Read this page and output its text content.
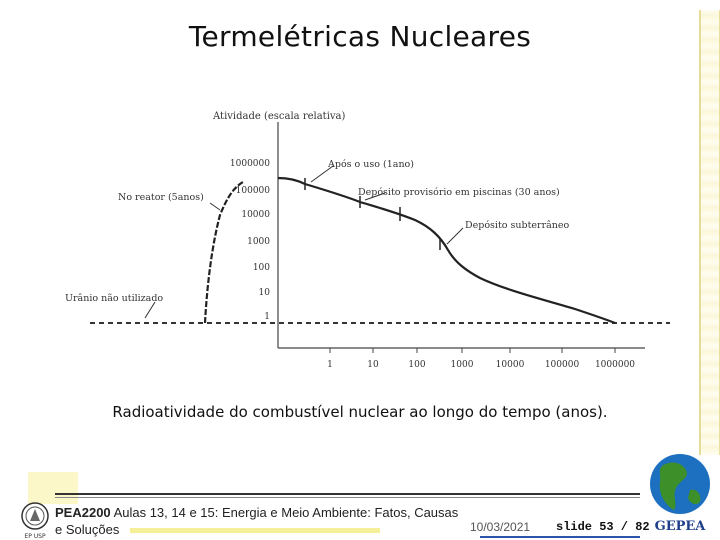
Termelétricas Nucleares
Atividade (escala relativa)
1000000
100000
10000
1000
100
10
1
1	10	100	1000 10000 100000 1000000
No reator (5anos)
Urânio não utilizado
Após o uso (1ano)
Depósito provisório em piscinas (30 anos)
Depósito subterrâneo
Radioatividade do combustível nuclear ao longo do tempo (anos).
EP USP
PEA2200 Aulas 13, 14 e 15: Energia e Meio Ambiente: Fatos, Causas
e Soluções	10/03/2021 slide 53 / 82 GEPEA
